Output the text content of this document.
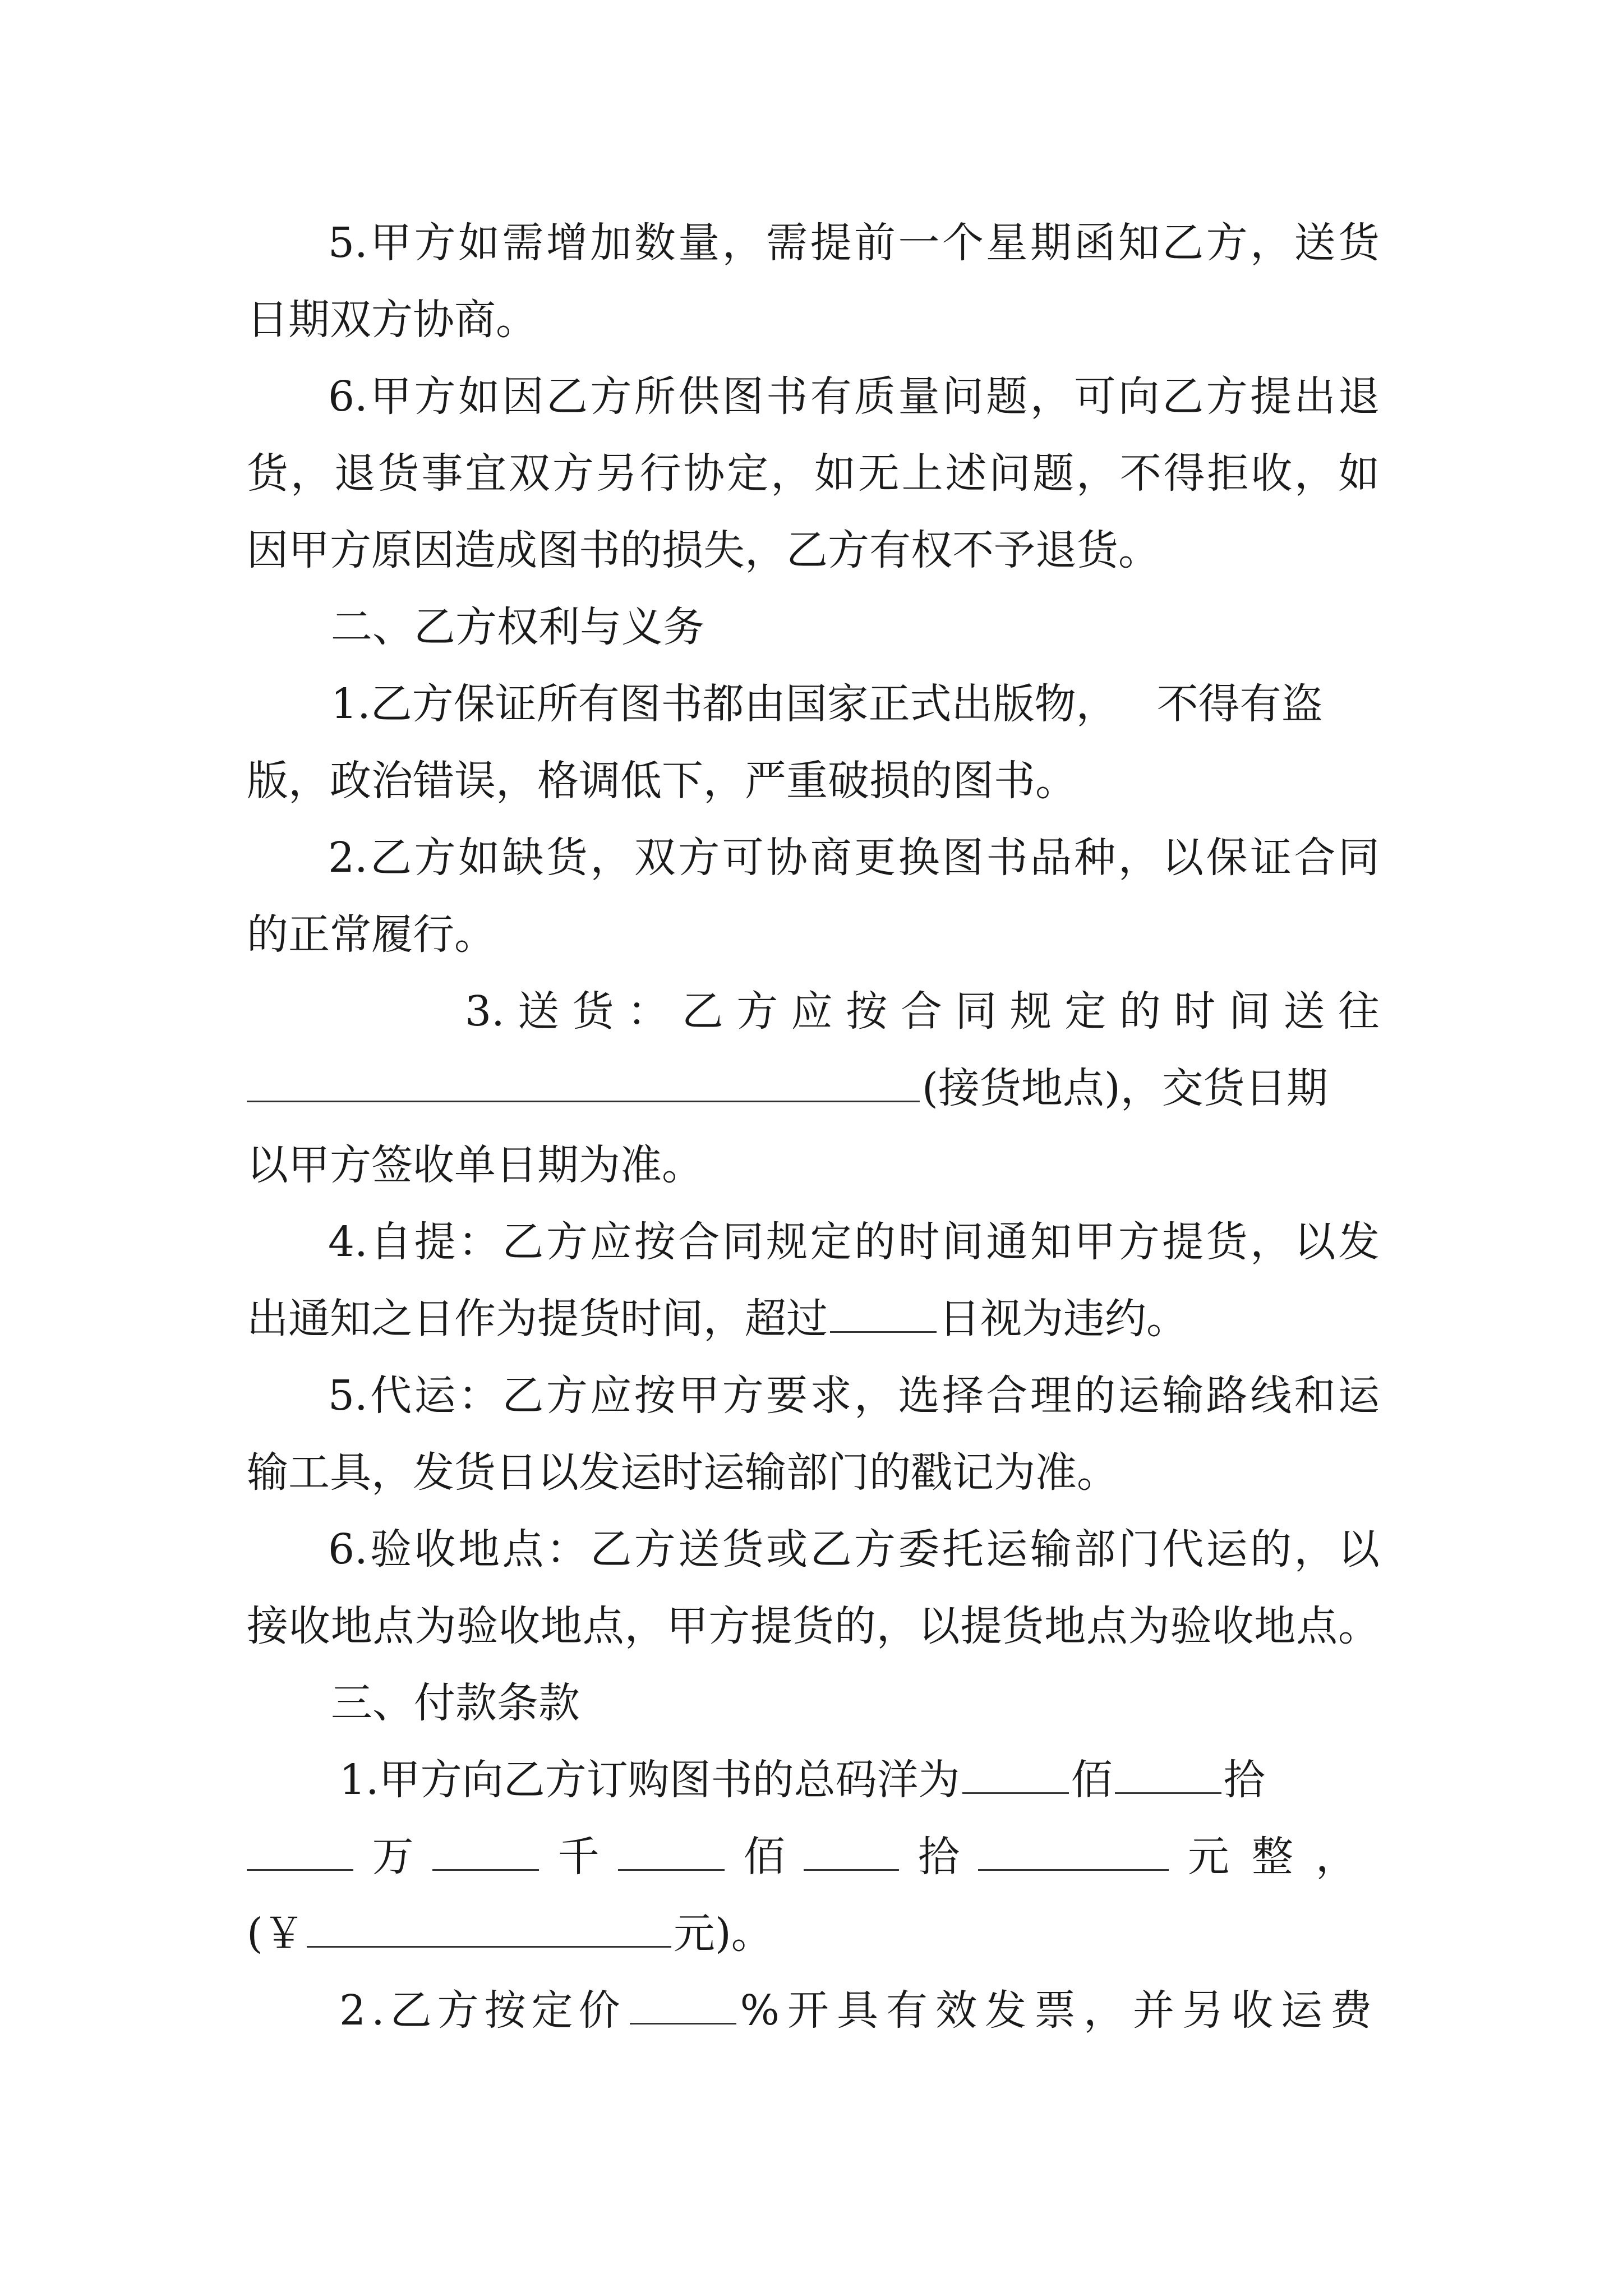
5.甲方如需增加数量，需提前一个星期函知乙方，送货
日期双方协商。
6.甲方如因乙方所供图书有质量问题，可向乙方提出退
货，退货事宜双方另行协定，如无上述问题，不得拒收，如
因甲方原因造成图书的损失，乙方有权不予退货。
二、乙方权利与义务
1.乙方保证所有图书都由国家正式出版物， 不得有盗
版，政治错误，格调低下，严重破损的图书。
2.乙方如缺货，双方可协商更换图书品种，以保证合同
的正常履行。
3. 送 货 ： 乙 方 应 按 合 同 规 定 的 时 间 送 往
(接货地点)，交货日期
以甲方签收单日期为准。
4.自提：乙方应按合同规定的时间通知甲方提货，以发
出通知之日作为提货时间，超过	日视为违约。
5.代运：乙方应按甲方要求，选择合理的运输路线和运
输工具，发货日以发运时运输部门的戳记为准。
6.验收地点：乙方送货或乙方委托运输部门代运的，以
接收地点为验收地点，甲方提货的，以提货地点为验收地点。
三、付款条款
1.甲方向乙方订购图书的总码洋为	佰	拾
万	千	佰	拾	元整，
(￥	元)。
2.乙方按定价	%开具有效发票，并另收运费
